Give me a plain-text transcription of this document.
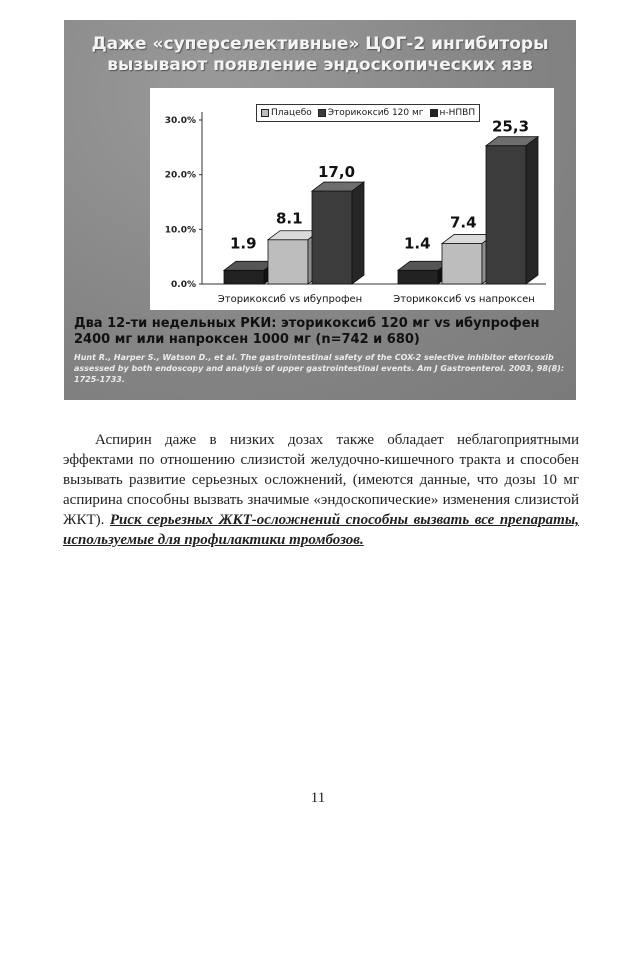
Даже «суперселективные» ЦОГ-2 ингибиторы
вызывают появление эндоскопических язв
0.0%
10.0%
20.0%
30.0%
1.9
8.1
17,0
Эторикоксиб vs ибупрофен
1.4
7.4
25,3
Эторикоксиб vs напроксен
Плацебо Эторикоксиб 120 мг н-НПВП
Два 12-ти недельных РКИ: эторикоксиб 120 мг vs ибупрофен 2400 мг или напроксен 1000 мг (n=742 и 680)
Hunt R., Harper S., Watson D., et al. The gastrointestinal safety of the COX-2 selective inhibitor etoricoxib assessed by both endoscopy and analysis of upper gastrointestinal events. Am J Gastroenterol. 2003, 98(8): 1725-1733.
Аспирин даже в низких дозах также обладает неблагоприятными эффектами по отношению слизистой желудочно-кишечного тракта и способен вызывать развитие серьезных осложнений, (имеются данные, что дозы 10 мг аспирина способны вызвать значимые «эндоскопические» изменения слизистой ЖКТ). Риск серьезных ЖКТ-осложнений способны вызвать все препараты, используемые для профилактики тромбозов.
11
